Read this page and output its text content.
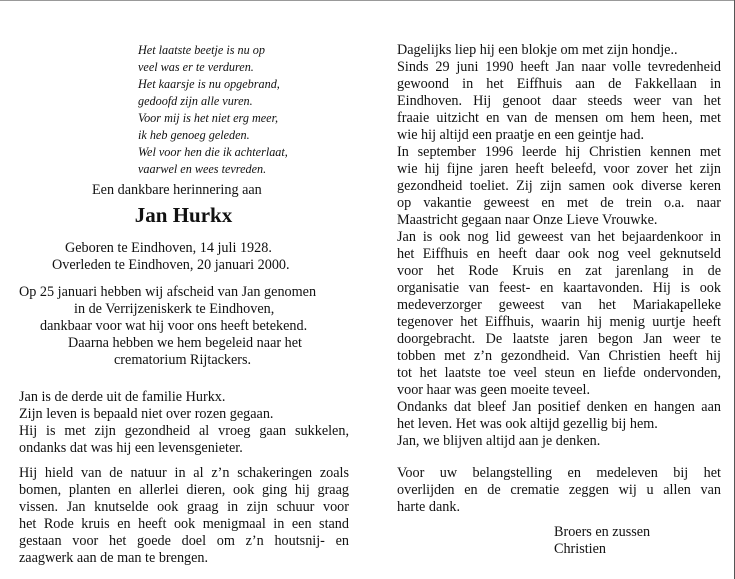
Het laatste beetje is nu op
veel was er te verduren.
Het kaarsje is nu opgebrand,
gedoofd zijn alle vuren.
Voor mij is het niet erg meer,
ik heb genoeg geleden.
Wel voor hen die ik achterlaat,
vaarwel en wees tevreden.
Een dankbare herinnering aan
Jan Hurkx
Geboren te Eindhoven, 14 juli 1928.
Overleden te Eindhoven, 20 januari 2000.
Op 25 januari hebben wij afscheid van Jan genomen
in de Verrijzeniskerk te Eindhoven,
dankbaar voor wat hij voor ons heeft betekend.
Daarna hebben we hem begeleid naar het
crematorium Rijtackers.
Jan is de derde uit de familie Hurkx.
Zijn leven is bepaald niet over rozen gegaan.
Hij is met zijn gezondheid al vroeg gaan sukkelen,
ondanks dat was hij een levensgenieter.
Hij hield van de natuur in al z’n schakeringen zoals
bomen, planten en allerlei dieren, ook ging hij graag
vissen. Jan knutselde ook graag in zijn schuur voor
het Rode kruis en heeft ook menigmaal in een stand
gestaan voor het goede doel om z’n houtsnij- en
zaagwerk aan de man te brengen.
Dagelijks liep hij een blokje om met zijn hondje..
Sinds 29 juni 1990 heeft Jan naar volle tevredenheid
gewoond in het Eiffhuis aan de Fakkellaan in
Eindhoven. Hij genoot daar steeds weer van het
fraaie uitzicht en van de mensen om hem heen, met
wie hij altijd een praatje en een geintje had.
In september 1996 leerde hij Christien kennen met
wie hij fijne jaren heeft beleefd, voor zover het zijn
gezondheid toeliet. Zij zijn samen ook diverse keren
op vakantie geweest en met de trein o.a. naar
Maastricht gegaan naar Onze Lieve Vrouwke.
Jan is ook nog lid geweest van het bejaardenkoor in
het Eiffhuis en heeft daar ook nog veel geknutseld
voor het Rode Kruis en zat jarenlang in de
organisatie van feest- en kaartavonden. Hij is ook
medeverzorger geweest van het Mariakapelleke
tegenover het Eiffhuis, waarin hij menig uurtje heeft
doorgebracht. De laatste jaren begon Jan weer te
tobben met z’n gezondheid. Van Christien heeft hij
tot het laatste toe veel steun en liefde ondervonden,
voor haar was geen moeite teveel.
Ondanks dat bleef Jan positief denken en hangen aan
het leven. Het was ook altijd gezellig bij hem.
Jan, we blijven altijd aan je denken.
Voor uw belangstelling en medeleven bij het
overlijden en de crematie zeggen wij u allen van
harte dank.
Broers en zussen
Christien
